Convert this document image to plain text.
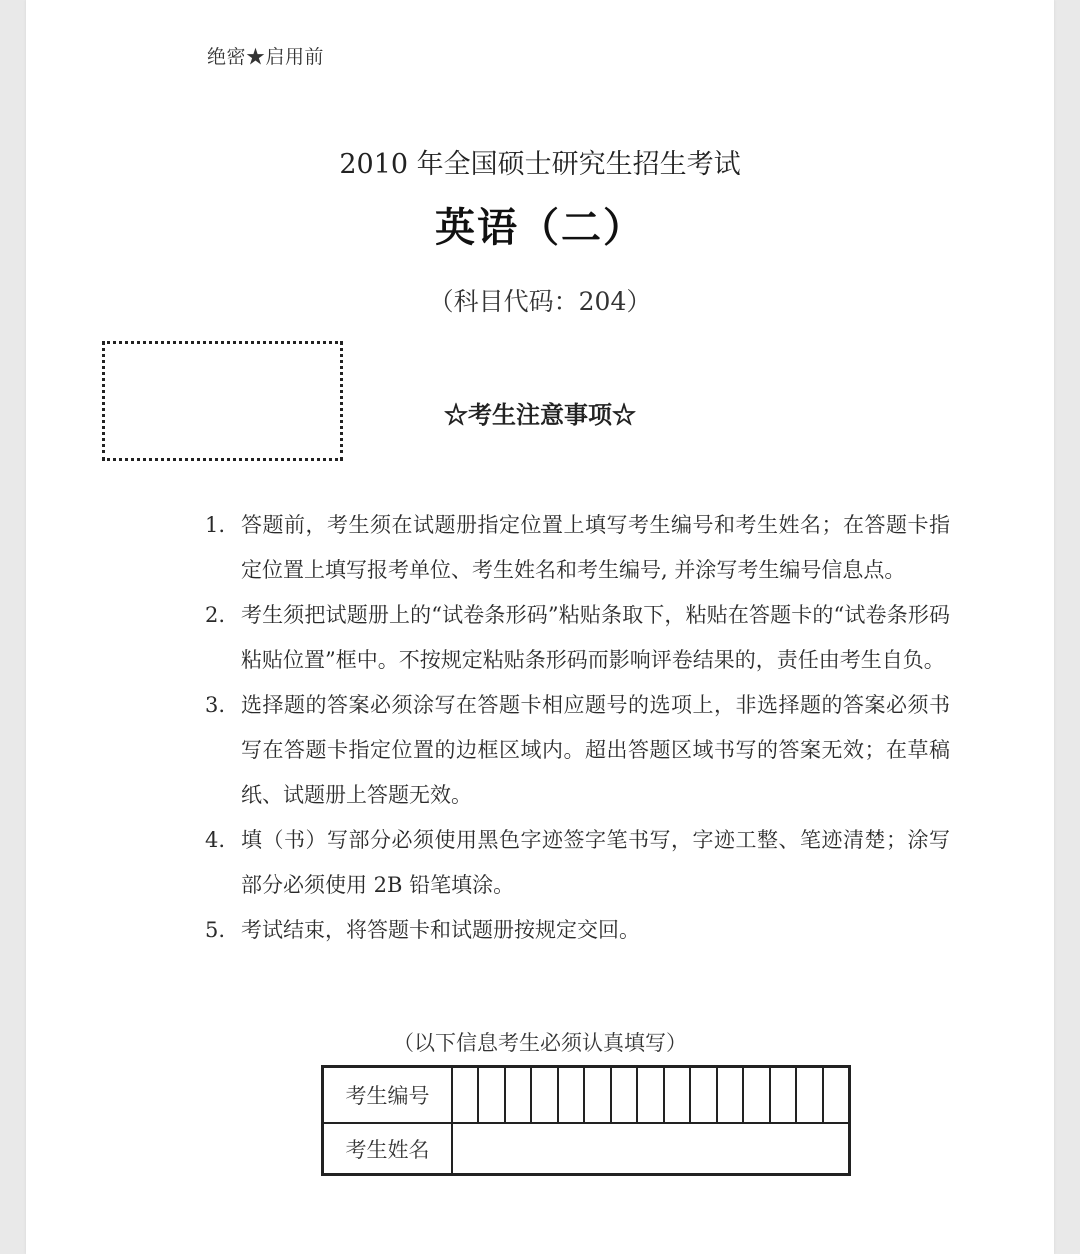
绝密★启用前
2010 年全国硕士研究生招生考试
英语（二）
（科目代码：204）
☆考生注意事项☆
1. 答题前，考生须在试题册指定位置上填写考生编号和考生姓名；在答题卡指定位置上填写报考单位、考生姓名和考生编号, 并涂写考生编号信息点。
2. 考生须把试题册上的“试卷条形码”粘贴条取下，粘贴在答题卡的“试卷条形码粘贴位置”框中。不按规定粘贴条形码而影响评卷结果的，责任由考生自负。
3. 选择题的答案必须涂写在答题卡相应题号的选项上，非选择题的答案必须书写在答题卡指定位置的边框区域内。超出答题区域书写的答案无效；在草稿纸、试题册上答题无效。
4. 填（书）写部分必须使用黑色字迹签字笔书写，字迹工整、笔迹清楚；涂写部分必须使用 2B 铅笔填涂。
5. 考试结束，将答题卡和试题册按规定交回。
（以下信息考生必须认真填写）
考生编号
考生姓名
